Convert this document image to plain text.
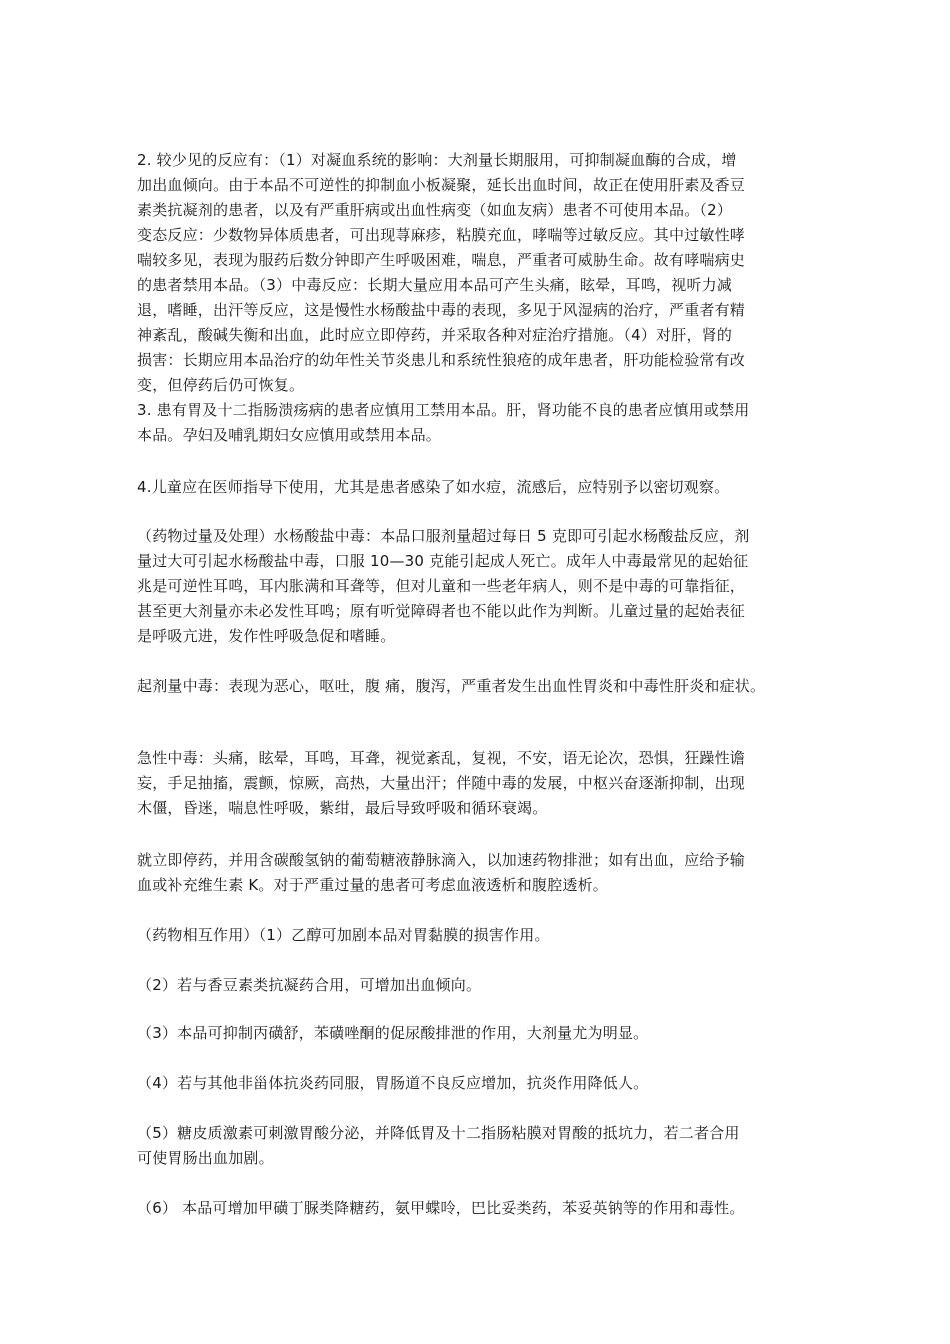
2. 较少见的反应有：（1）对凝血系统的影响：大剂量长期服用，可抑制凝血酶的合成，增
加出血倾向。由于本品不可逆性的抑制血小板凝聚，延长出血时间，故正在使用肝素及香豆
素类抗凝剂的患者，以及有严重肝病或出血性病变（如血友病）患者不可使用本品。（2）
变态反应：少数物异体质患者，可出现荨麻疹，粘膜充血，哮喘等过敏反应。其中过敏性哮
喘较多见，表现为服药后数分钟即产生呼吸困难，喘息，严重者可威胁生命。故有哮喘病史
的患者禁用本品。（3）中毒反应：长期大量应用本品可产生头痛，眩晕，耳鸣，视听力减
退，嗜睡，出汗等反应，这是慢性水杨酸盐中毒的表现，多见于风湿病的治疗，严重者有精
神紊乱，酸碱失衡和出血，此时应立即停药，并采取各种对症治疗措施。（4）对肝，肾的
损害：长期应用本品治疗的幼年性关节炎患儿和系统性狼疮的成年患者，肝功能检验常有改
变，但停药后仍可恢复。
3. 患有胃及十二指肠溃疡病的患者应慎用工禁用本品。肝，肾功能不良的患者应慎用或禁用
本品。孕妇及哺乳期妇女应慎用或禁用本品。
4.儿童应在医师指导下使用，尤其是患者感染了如水痘，流感后，应特别予以密切观察。
（药物过量及处理）水杨酸盐中毒：本品口服剂量超过每日 5 克即可引起水杨酸盐反应，剂
量过大可引起水杨酸盐中毒，口服 10—30 克能引起成人死亡。成年人中毒最常见的起始征
兆是可逆性耳鸣，耳内胀满和耳聋等，但对儿童和一些老年病人，则不是中毒的可靠指征，
甚至更大剂量亦未必发性耳鸣；原有听觉障碍者也不能以此作为判断。儿童过量的起始表征
是呼吸亢进，发作性呼吸急促和嗜睡。
起剂量中毒：表现为恶心，呕吐，腹 痛，腹泻，严重者发生出血性胃炎和中毒性肝炎和症状。
急性中毒：头痛，眩晕，耳鸣，耳聋，视觉紊乱，复视，不安，语无论次，恐惧，狂躁性谵
妄，手足抽搐，震颤，惊厥，高热，大量出汗；伴随中毒的发展，中枢兴奋逐渐抑制，出现
木僵，昏迷，喘息性呼吸，紫绀，最后导致呼吸和循环衰竭。
就立即停药，并用含碳酸氢钠的葡萄糖液静脉滴入，以加速药物排泄；如有出血，应给予输
血或补充维生素 K。对于严重过量的患者可考虑血液透析和腹腔透析。
（药物相互作用）（1）乙醇可加剧本品对胃黏膜的损害作用。
（2）若与香豆素类抗凝药合用，可增加出血倾向。
（3）本品可抑制丙磺舒，苯磺唑酮的促尿酸排泄的作用，大剂量尤为明显。
（4）若与其他非甾体抗炎药同服，胃肠道不良反应增加，抗炎作用降低人。
（5）糖皮质激素可刺激胃酸分泌，并降低胃及十二指肠粘膜对胃酸的抵坑力，若二者合用
可使胃肠出血加剧。
（6） 本品可增加甲磺丁脲类降糖药，氨甲蝶呤，巴比妥类药，苯妥英钠等的作用和毒性。
